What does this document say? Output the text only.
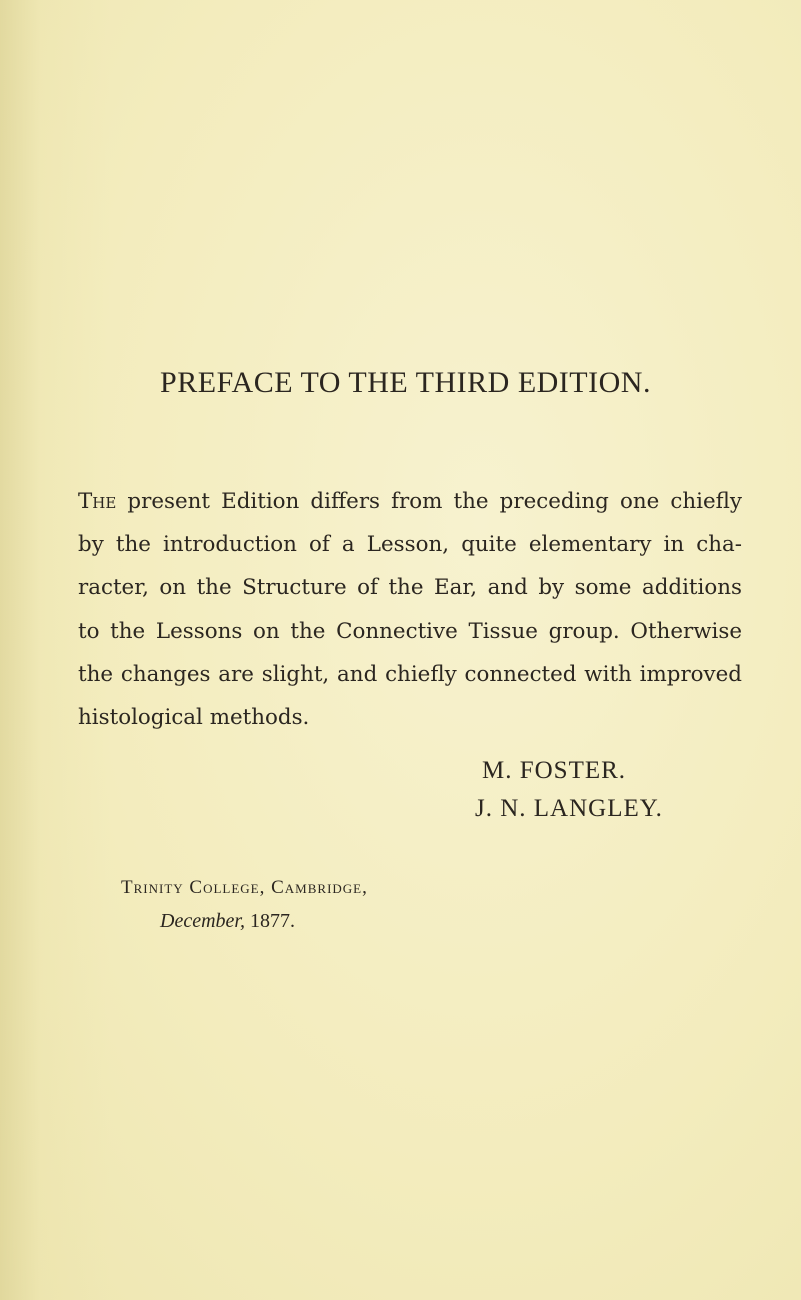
PREFACE TO THE THIRD EDITION.

The present Edition differs from the preceding one chiefly
by the introduction of a Lesson, quite elementary in cha-
racter, on the Structure of the Ear, and by some additions
to the Lessons on the Connective Tissue group. Otherwise
the changes are slight, and chiefly connected with improved
histological methods.

M. FOSTER.
J. N. LANGLEY.
Trinity College, Cambridge,
December, 1877.
